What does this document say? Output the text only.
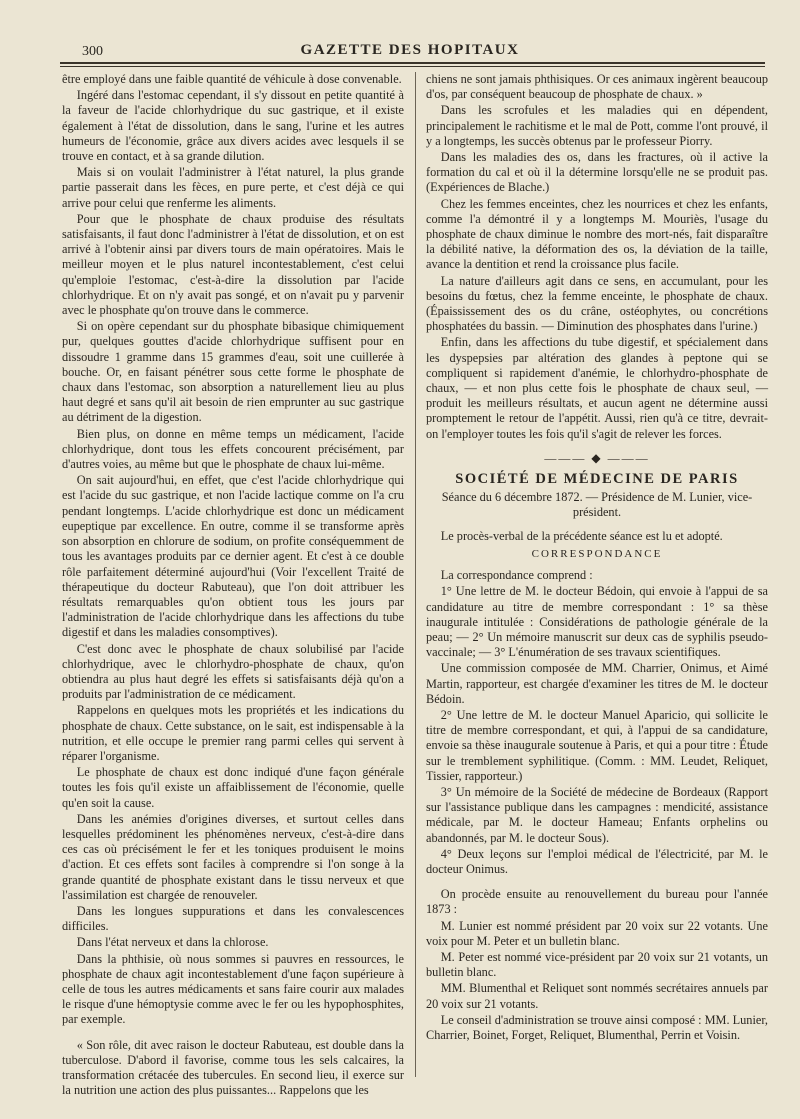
300	GAZETTE DES HOPITAUX

être employé dans une faible quantité de véhicule à dose convenable.

Ingéré dans l'estomac cependant, il s'y dissout en petite quantité à la faveur de l'acide chlorhydrique du suc gastrique, et il existe également à l'état de dissolution, dans le sang, l'urine et les autres humeurs de l'économie, grâce aux divers acides avec lesquels il se trouve en contact, et à sa grande dilution.

Mais si on voulait l'administrer à l'état naturel, la plus grande partie passerait dans les fèces, en pure perte, et c'est déjà ce qui arrive pour celui que renferme les aliments.

Pour que le phosphate de chaux produise des résultats satisfaisants, il faut donc l'administrer à l'état de dissolution, et on est arrivé à l'obtenir ainsi par divers tours de main opératoires. Mais le meilleur moyen et le plus naturel incontestablement, c'est celui qu'emploie l'estomac, c'est-à-dire la dissolution par l'acide chlorhydrique. Et on n'y avait pas songé, et on n'avait pu y parvenir avec le phosphate qu'on trouve dans le commerce.

Si on opère cependant sur du phosphate bibasique chimiquement pur, quelques gouttes d'acide chlorhydrique suffisent pour en dissoudre 1 gramme dans 15 grammes d'eau, soit une cuillerée à bouche. Or, en faisant pénétrer sous cette forme le phosphate de chaux dans l'estomac, son absorption a naturellement lieu au plus haut degré et sans qu'il ait besoin de rien emprunter au suc gastrique au détriment de la digestion.

Bien plus, on donne en même temps un médicament, l'acide chlorhydrique, dont tous les effets concourent précisément, par d'autres voies, au même but que le phosphate de chaux lui-même.

On sait aujourd'hui, en effet, que c'est l'acide chlorhydrique qui est l'acide du suc gastrique, et non l'acide lactique comme on l'a cru pendant longtemps. L'acide chlorhydrique est donc un médicament eupeptique par excellence. En outre, comme il se transforme après son absorption en chlorure de sodium, on profite conséquemment de tous les avantages produits par ce dernier agent. Et c'est à ce double rôle parfaitement déterminé aujourd'hui (Voir l'excellent Traité de thérapeutique du docteur Rabuteau), que l'on doit attribuer les résultats remarquables qu'on obtient tous les jours par l'administration de l'acide chlorhydrique dans les affections du tube digestif et dans les maladies consomptives).

C'est donc avec le phosphate de chaux solubilisé par l'acide chlorhydrique, avec le chlorhydro-phosphate de chaux, qu'on obtiendra au plus haut degré les effets si satisfaisants déjà qu'on a produits par l'administration de ce médicament.

Rappelons en quelques mots les propriétés et les indications du phosphate de chaux. Cette substance, on le sait, est indispensable à la nutrition, et elle occupe le premier rang parmi celles qui servent à réparer l'organisme.

Le phosphate de chaux est donc indiqué d'une façon générale toutes les fois qu'il existe un affaiblissement de l'économie, quelle qu'en soit la cause.

Dans les anémies d'origines diverses, et surtout celles dans lesquelles prédominent les phénomènes nerveux, c'est-à-dire dans ces cas où précisément le fer et les toniques produisent le moins d'action. Et ces effets sont faciles à comprendre si l'on songe à la grande quantité de phosphate existant dans le tissu nerveux et que l'assimilation est chargée de renouveler.

Dans les longues suppurations et dans les convalescences difficiles.

Dans l'état nerveux et dans la chlorose.

Dans la phthisie, où nous sommes si pauvres en ressources, le phosphate de chaux agit incontestablement d'une façon supérieure à celle de tous les autres médicaments et sans faire courir aux malades le risque d'une hémoptysie comme avec le fer ou les hypophosphites, par exemple.

« Son rôle, dit avec raison le docteur Rabuteau, est double dans la tuberculose. D'abord il favorise, comme tous les sels calcaires, la transformation crétacée des tubercules. En second lieu, il exerce sur la nutrition une action des plus puissantes... Rappelons que les

chiens ne sont jamais phthisiques. Or ces animaux ingèrent beaucoup d'os, par conséquent beaucoup de phosphate de chaux. »

Dans les scrofules et les maladies qui en dépendent, principalement le rachitisme et le mal de Pott, comme l'ont prouvé, il y a longtemps, les succès obtenus par le professeur Piorry.

Dans les maladies des os, dans les fractures, où il active la formation du cal et où il la détermine lorsqu'elle ne se produit pas. (Expériences de Blache.)

Chez les femmes enceintes, chez les nourrices et chez les enfants, comme l'a démontré il y a longtemps M. Mouriès, l'usage du phosphate de chaux diminue le nombre des mort-nés, fait disparaître la débilité native, la déformation des os, la déviation de la taille, avance la dentition et rend la croissance plus facile.

La nature d'ailleurs agit dans ce sens, en accumulant, pour les besoins du fœtus, chez la femme enceinte, le phosphate de chaux. (Épaississement des os du crâne, ostéophytes, ou concrétions phosphatées du bassin. — Diminution des phosphates dans l'urine.)

Enfin, dans les affections du tube digestif, et spécialement dans les dyspepsies par altération des glandes à peptone qui se compliquent si rapidement d'anémie, le chlorhydro-phosphate de chaux, — et non plus cette fois le phosphate de chaux seul, — produit les meilleurs résultats, et aucun agent ne détermine aussi promptement le retour de l'appétit. Aussi, rien qu'à ce titre, devrait-on l'employer toutes les fois qu'il s'agit de relever les forces.

——— ◆ ———
SOCIÉTÉ DE MÉDECINE DE PARIS
Séance du 6 décembre 1872. — Présidence de M. Lunier, vice-président.

Le procès-verbal de la précédente séance est lu et adopté.

CORRESPONDANCE

La correspondance comprend :

1° Une lettre de M. le docteur Bédoin, qui envoie à l'appui de sa candidature au titre de membre correspondant : 1° sa thèse inaugurale intitulée : Considérations de pathologie générale de la peau; — 2° Un mémoire manuscrit sur deux cas de syphilis pseudo-vaccinale; — 3° L'énumération de ses travaux scientifiques.

Une commission composée de MM. Charrier, Onimus, et Aimé Martin, rapporteur, est chargée d'examiner les titres de M. le docteur Bédoin.

2° Une lettre de M. le docteur Manuel Aparicio, qui sollicite le titre de membre correspondant, et qui, à l'appui de sa candidature, envoie sa thèse inaugurale soutenue à Paris, et qui a pour titre : Étude sur le tremblement syphilitique. (Comm. : MM. Leudet, Reliquet, Tissier, rapporteur.)

3° Un mémoire de la Société de médecine de Bordeaux (Rapport sur l'assistance publique dans les campagnes : mendicité, assistance médicale, par M. le docteur Hameau; Enfants orphelins ou abandonnés, par M. le docteur Sous).

4° Deux leçons sur l'emploi médical de l'électricité, par M. le docteur Onimus.

On procède ensuite au renouvellement du bureau pour l'année 1873 :

M. Lunier est nommé président par 20 voix sur 22 votants. Une voix pour M. Peter et un bulletin blanc.

M. Peter est nommé vice-président par 20 voix sur 21 votants, un bulletin blanc.

MM. Blumenthal et Reliquet sont nommés secrétaires annuels par 20 voix sur 21 votants.

Le conseil d'administration se trouve ainsi composé : MM. Lunier, Charrier, Boinet, Forget, Reliquet, Blumenthal, Perrin et Voisin.
